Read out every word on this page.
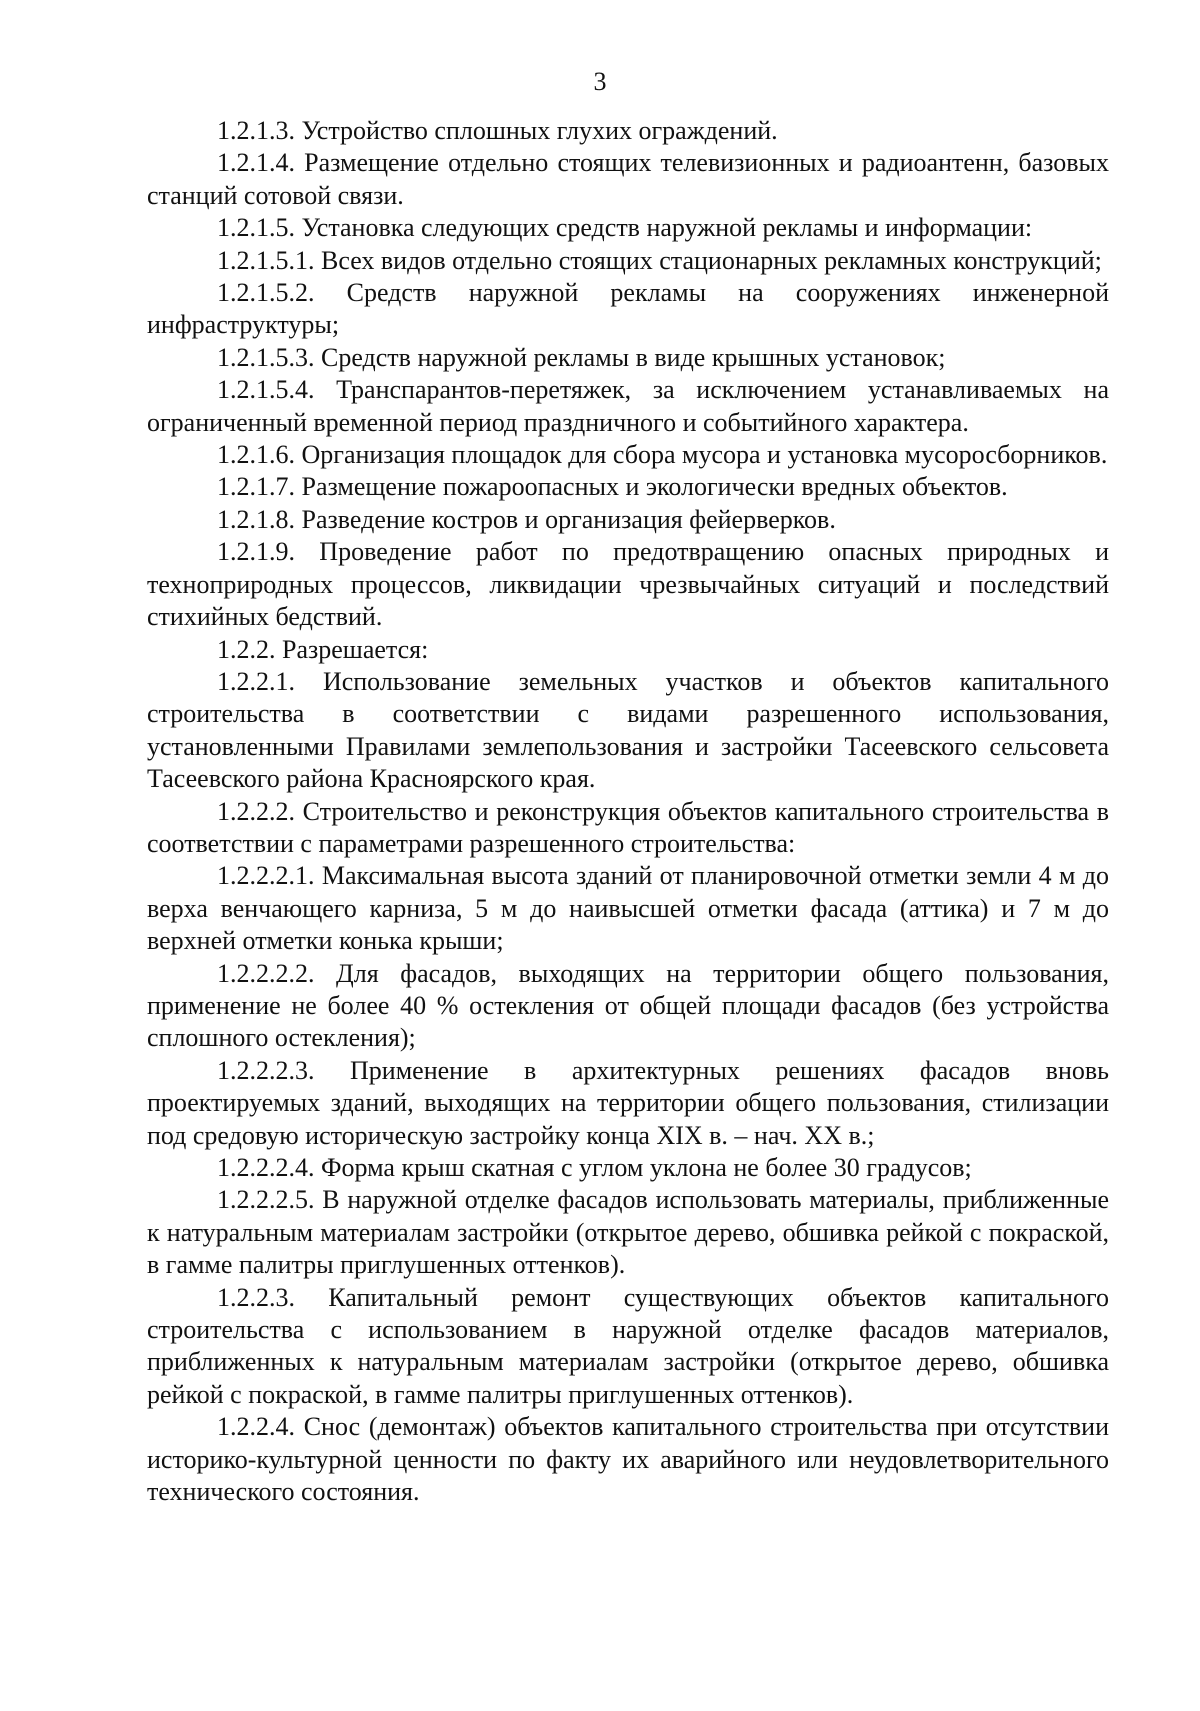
3

1.2.1.3. Устройство сплошных глухих ограждений.

1.2.1.4. Размещение отдельно стоящих телевизионных и радиоантенн, базовых станций сотовой связи.

1.2.1.5. Установка следующих средств наружной рекламы и информации:

1.2.1.5.1. Всех видов отдельно стоящих стационарных рекламных конструкций;

1.2.1.5.2. Средств наружной рекламы на сооружениях инженерной инфраструктуры;

1.2.1.5.3. Средств наружной рекламы в виде крышных установок;

1.2.1.5.4. Транспарантов-перетяжек, за исключением устанавливаемых на ограниченный временной период праздничного и событийного характера.

1.2.1.6. Организация площадок для сбора мусора и установка мусоросборников.

1.2.1.7. Размещение пожароопасных и экологически вредных объектов.

1.2.1.8. Разведение костров и организация фейерверков.

1.2.1.9. Проведение работ по предотвращению опасных природных и технoприродных процессов, ликвидации чрезвычайных ситуаций и последствий стихийных бедствий.

1.2.2. Разрешается:

1.2.2.1. Использование земельных участков и объектов капитального строительства в соответствии с видами разрешенного использования, установленными Правилами землепользования и застройки Тасеевского сельсовета Тасеевского района Красноярского края.

1.2.2.2. Строительство и реконструкция объектов капитального строительства в соответствии с параметрами разрешенного строительства:

1.2.2.2.1. Максимальная высота зданий от планировочной отметки земли 4 м до верха венчающего карниза, 5 м до наивысшей отметки фасада (аттика) и 7 м до верхней отметки конька крыши;

1.2.2.2.2. Для фасадов, выходящих на территории общего пользования, применение не более 40 % остекления от общей площади фасадов (без устройства сплошного остекления);

1.2.2.2.3. Применение в архитектурных решениях фасадов вновь проектируемых зданий, выходящих на территории общего пользования, стилизации под средовую историческую застройку конца XIX в. – нач. XX в.;

1.2.2.2.4. Форма крыш скатная с углом уклона не более 30 градусов;

1.2.2.2.5. В наружной отделке фасадов использовать материалы, приближенные к натуральным материалам застройки (открытое дерево, обшивка рейкой с покраской, в гамме палитры приглушенных оттенков).

1.2.2.3. Капитальный ремонт существующих объектов капитального строительства с использованием в наружной отделке фасадов материалов, приближенных к натуральным материалам застройки (открытое дерево, обшивка рейкой с покраской, в гамме палитры приглушенных оттенков).

1.2.2.4. Снос (демонтаж) объектов капитального строительства при отсутствии историко-культурной ценности по факту их аварийного или неудовлетворительного технического состояния.
